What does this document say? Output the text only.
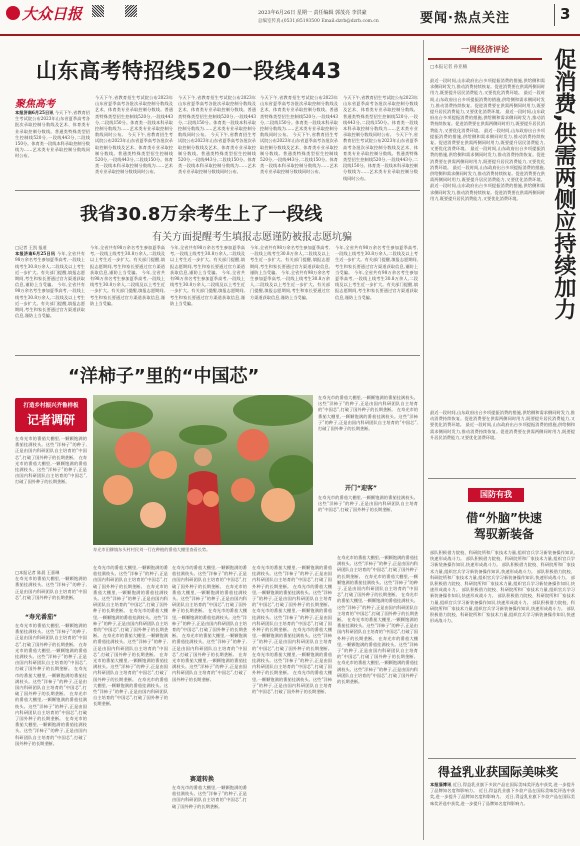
大众日报	2023年6月26日 星期一 责任编辑 郭茂亮 李洪豪
总编室传真:(0531)85193500 Email:dzrb@dzrb.com.cn	要闻·热点关注	3
山东高考特招线520一段线443
聚焦高考
本报济南6月25日讯 今天下午,省教育招生考试院公布2023年山东省夏季高考各批次录取控制分数线及艺术、体育类专业录取控制分数线。普通类特殊类型招生控制线520分,一段线443分,二段线150分。体育类一段线本科录取控制分数线为……艺术类专业录取控制分数线同时公布。
今天下午,省教育招生考试院公布2023年山东省夏季高考各批次录取控制分数线及艺术、体育类专业录取控制分数线。普通类特殊类型招生控制线520分,一段线443分,二段线150分。体育类一段线本科录取控制分数线为……艺术类专业录取控制分数线同时公布。 今天下午,省教育招生考试院公布2023年山东省夏季高考各批次录取控制分数线及艺术、体育类专业录取控制分数线。普通类特殊类型招生控制线520分,一段线443分,二段线150分。体育类一段线本科录取控制分数线为……艺术类专业录取控制分数线同时公布。
今天下午,省教育招生考试院公布2023年山东省夏季高考各批次录取控制分数线及艺术、体育类专业录取控制分数线。普通类特殊类型招生控制线520分,一段线443分,二段线150分。体育类一段线本科录取控制分数线为……艺术类专业录取控制分数线同时公布。 今天下午,省教育招生考试院公布2023年山东省夏季高考各批次录取控制分数线及艺术、体育类专业录取控制分数线。普通类特殊类型招生控制线520分,一段线443分,二段线150分。体育类一段线本科录取控制分数线为……艺术类专业录取控制分数线同时公布。
今天下午,省教育招生考试院公布2023年山东省夏季高考各批次录取控制分数线及艺术、体育类专业录取控制分数线。普通类特殊类型招生控制线520分,一段线443分,二段线150分。体育类一段线本科录取控制分数线为……艺术类专业录取控制分数线同时公布。 今天下午,省教育招生考试院公布2023年山东省夏季高考各批次录取控制分数线及艺术、体育类专业录取控制分数线。普通类特殊类型招生控制线520分,一段线443分,二段线150分。体育类一段线本科录取控制分数线为……艺术类专业录取控制分数线同时公布。
今天下午,省教育招生考试院公布2023年山东省夏季高考各批次录取控制分数线及艺术、体育类专业录取控制分数线。普通类特殊类型招生控制线520分,一段线443分,二段线150分。体育类一段线本科录取控制分数线为……艺术类专业录取控制分数线同时公布。 今天下午,省教育招生考试院公布2023年山东省夏季高考各批次录取控制分数线及艺术、体育类专业录取控制分数线。普通类特殊类型招生控制线520分,一段线443分,二段线150分。体育类一段线本科录取控制分数线为……艺术类专业录取控制分数线同时公布。
我省30.8万余考生上了一段线
有关方面提醒考生填报志愿谨防被报志愿坑骗
□记者 王凯 报道
本报济南6月25日讯 今年,全省共有98万余名考生参加夏季高考,一段线上线考生30.8万余人,二段线及以上考生近一步扩大。有关部门提醒,填报志愿期间,考生和家长要通过官方渠道获取信息,谨防上当受骗。 今年,全省共有98万余名考生参加夏季高考,一段线上线考生30.8万余人,二段线及以上考生近一步扩大。有关部门提醒,填报志愿期间,考生和家长要通过官方渠道获取信息,谨防上当受骗。
今年,全省共有98万余名考生参加夏季高考,一段线上线考生30.8万余人,二段线及以上考生近一步扩大。有关部门提醒,填报志愿期间,考生和家长要通过官方渠道获取信息,谨防上当受骗。 今年,全省共有98万余名考生参加夏季高考,一段线上线考生30.8万余人,二段线及以上考生近一步扩大。有关部门提醒,填报志愿期间,考生和家长要通过官方渠道获取信息,谨防上当受骗。
今年,全省共有98万余名考生参加夏季高考,一段线上线考生30.8万余人,二段线及以上考生近一步扩大。有关部门提醒,填报志愿期间,考生和家长要通过官方渠道获取信息,谨防上当受骗。 今年,全省共有98万余名考生参加夏季高考,一段线上线考生30.8万余人,二段线及以上考生近一步扩大。有关部门提醒,填报志愿期间,考生和家长要通过官方渠道获取信息,谨防上当受骗。
今年,全省共有98万余名考生参加夏季高考,一段线上线考生30.8万余人,二段线及以上考生近一步扩大。有关部门提醒,填报志愿期间,考生和家长要通过官方渠道获取信息,谨防上当受骗。 今年,全省共有98万余名考生参加夏季高考,一段线上线考生30.8万余人,二段线及以上考生近一步扩大。有关部门提醒,填报志愿期间,考生和家长要通过官方渠道获取信息,谨防上当受骗。
今年,全省共有98万余名考生参加夏季高考,一段线上线考生30.8万余人,二段线及以上考生近一步扩大。有关部门提醒,填报志愿期间,考生和家长要通过官方渠道获取信息,谨防上当受骗。 今年,全省共有98万余名考生参加夏季高考,一段线上线考生30.8万余人,二段线及以上考生近一步扩大。有关部门提醒,填报志愿期间,考生和家长要通过官方渠道获取信息,谨防上当受骗。
“洋柿子”里的“中国芯”
打造乡村振兴齐鲁样板
记者调研
在寿光市的番茄大棚里,一颗颗饱满的番茄挂满枝头。这些“洋柿子”的种子,正是由国内科研团队自主培育的“中国芯”,打破了国外种子的长期垄断。 在寿光市的番茄大棚里,一颗颗饱满的番茄挂满枝头。这些“洋柿子”的种子,正是由国内科研团队自主培育的“中国芯”,打破了国外种子的长期垄断。
寿光市田柳镇东头村村民刘一行在种植的番茄大棚里查看长势。
在寿光市的番茄大棚里,一颗颗饱满的番茄挂满枝头。这些“洋柿子”的种子,正是由国内科研团队自主培育的“中国芯”,打破了国外种子的长期垄断。 在寿光市的番茄大棚里,一颗颗饱满的番茄挂满枝头。这些“洋柿子”的种子,正是由国内科研团队自主培育的“中国芯”,打破了国外种子的长期垄断。
开门“迎客”
在寿光市的番茄大棚里,一颗颗饱满的番茄挂满枝头。这些“洋柿子”的种子,正是由国内科研团队自主培育的“中国芯”,打破了国外种子的长期垄断。
□本报记者 陈晨 王嘉琳
在寿光市的番茄大棚里,一颗颗饱满的番茄挂满枝头。这些“洋柿子”的种子,正是由国内科研团队自主培育的“中国芯”,打破了国外种子的长期垄断。
“寿光番茄”
在寿光市的番茄大棚里,一颗颗饱满的番茄挂满枝头。这些“洋柿子”的种子,正是由国内科研团队自主培育的“中国芯”,打破了国外种子的长期垄断。 在寿光市的番茄大棚里,一颗颗饱满的番茄挂满枝头。这些“洋柿子”的种子,正是由国内科研团队自主培育的“中国芯”,打破了国外种子的长期垄断。 在寿光市的番茄大棚里,一颗颗饱满的番茄挂满枝头。这些“洋柿子”的种子,正是由国内科研团队自主培育的“中国芯”,打破了国外种子的长期垄断。 在寿光市的番茄大棚里,一颗颗饱满的番茄挂满枝头。这些“洋柿子”的种子,正是由国内科研团队自主培育的“中国芯”,打破了国外种子的长期垄断。 在寿光市的番茄大棚里,一颗颗饱满的番茄挂满枝头。这些“洋柿子”的种子,正是由国内科研团队自主培育的“中国芯”,打破了国外种子的长期垄断。
在寿光市的番茄大棚里,一颗颗饱满的番茄挂满枝头。这些“洋柿子”的种子,正是由国内科研团队自主培育的“中国芯”,打破了国外种子的长期垄断。 在寿光市的番茄大棚里,一颗颗饱满的番茄挂满枝头。这些“洋柿子”的种子,正是由国内科研团队自主培育的“中国芯”,打破了国外种子的长期垄断。 在寿光市的番茄大棚里,一颗颗饱满的番茄挂满枝头。这些“洋柿子”的种子,正是由国内科研团队自主培育的“中国芯”,打破了国外种子的长期垄断。 在寿光市的番茄大棚里,一颗颗饱满的番茄挂满枝头。这些“洋柿子”的种子,正是由国内科研团队自主培育的“中国芯”,打破了国外种子的长期垄断。 在寿光市的番茄大棚里,一颗颗饱满的番茄挂满枝头。这些“洋柿子”的种子,正是由国内科研团队自主培育的“中国芯”,打破了国外种子的长期垄断。 在寿光市的番茄大棚里,一颗颗饱满的番茄挂满枝头。这些“洋柿子”的种子,正是由国内科研团队自主培育的“中国芯”,打破了国外种子的长期垄断。
在寿光市的番茄大棚里,一颗颗饱满的番茄挂满枝头。这些“洋柿子”的种子,正是由国内科研团队自主培育的“中国芯”,打破了国外种子的长期垄断。 在寿光市的番茄大棚里,一颗颗饱满的番茄挂满枝头。这些“洋柿子”的种子,正是由国内科研团队自主培育的“中国芯”,打破了国外种子的长期垄断。 在寿光市的番茄大棚里,一颗颗饱满的番茄挂满枝头。这些“洋柿子”的种子,正是由国内科研团队自主培育的“中国芯”,打破了国外种子的长期垄断。 在寿光市的番茄大棚里,一颗颗饱满的番茄挂满枝头。这些“洋柿子”的种子,正是由国内科研团队自主培育的“中国芯”,打破了国外种子的长期垄断。 在寿光市的番茄大棚里,一颗颗饱满的番茄挂满枝头。这些“洋柿子”的种子,正是由国内科研团队自主培育的“中国芯”,打破了国外种子的长期垄断。
赛道转换
在寿光市的番茄大棚里,一颗颗饱满的番茄挂满枝头。这些“洋柿子”的种子,正是由国内科研团队自主培育的“中国芯”,打破了国外种子的长期垄断。
在寿光市的番茄大棚里,一颗颗饱满的番茄挂满枝头。这些“洋柿子”的种子,正是由国内科研团队自主培育的“中国芯”,打破了国外种子的长期垄断。 在寿光市的番茄大棚里,一颗颗饱满的番茄挂满枝头。这些“洋柿子”的种子,正是由国内科研团队自主培育的“中国芯”,打破了国外种子的长期垄断。 在寿光市的番茄大棚里,一颗颗饱满的番茄挂满枝头。这些“洋柿子”的种子,正是由国内科研团队自主培育的“中国芯”,打破了国外种子的长期垄断。 在寿光市的番茄大棚里,一颗颗饱满的番茄挂满枝头。这些“洋柿子”的种子,正是由国内科研团队自主培育的“中国芯”,打破了国外种子的长期垄断。 在寿光市的番茄大棚里,一颗颗饱满的番茄挂满枝头。这些“洋柿子”的种子,正是由国内科研团队自主培育的“中国芯”,打破了国外种子的长期垄断。 在寿光市的番茄大棚里,一颗颗饱满的番茄挂满枝头。这些“洋柿子”的种子,正是由国内科研团队自主培育的“中国芯”,打破了国外种子的长期垄断。
在寿光市的番茄大棚里,一颗颗饱满的番茄挂满枝头。这些“洋柿子”的种子,正是由国内科研团队自主培育的“中国芯”,打破了国外种子的长期垄断。 在寿光市的番茄大棚里,一颗颗饱满的番茄挂满枝头。这些“洋柿子”的种子,正是由国内科研团队自主培育的“中国芯”,打破了国外种子的长期垄断。 在寿光市的番茄大棚里,一颗颗饱满的番茄挂满枝头。这些“洋柿子”的种子,正是由国内科研团队自主培育的“中国芯”,打破了国外种子的长期垄断。 在寿光市的番茄大棚里,一颗颗饱满的番茄挂满枝头。这些“洋柿子”的种子,正是由国内科研团队自主培育的“中国芯”,打破了国外种子的长期垄断。 在寿光市的番茄大棚里,一颗颗饱满的番茄挂满枝头。这些“洋柿子”的种子,正是由国内科研团队自主培育的“中国芯”,打破了国外种子的长期垄断。 在寿光市的番茄大棚里,一颗颗饱满的番茄挂满枝头。这些“洋柿子”的种子,正是由国内科研团队自主培育的“中国芯”,打破了国外种子的长期垄断。
一周经济评论
□本报记者 孙亚楠	促消费,供需两侧应持续加力
最近一段时间,山东政府出台多项提振消费的措施,供给侧和需求侧同时发力,推动消费持续恢复。促进消费要在供需两侧同时用力,既要提升居民消费能力,又要优化消费环境。 最近一段时间,山东政府出台多项提振消费的措施,供给侧和需求侧同时发力,推动消费持续恢复。促进消费要在供需两侧同时用力,既要提升居民消费能力,又要优化消费环境。 最近一段时间,山东政府出台多项提振消费的措施,供给侧和需求侧同时发力,推动消费持续恢复。促进消费要在供需两侧同时用力,既要提升居民消费能力,又要优化消费环境。 最近一段时间,山东政府出台多项提振消费的措施,供给侧和需求侧同时发力,推动消费持续恢复。促进消费要在供需两侧同时用力,既要提升居民消费能力,又要优化消费环境。 最近一段时间,山东政府出台多项提振消费的措施,供给侧和需求侧同时发力,推动消费持续恢复。促进消费要在供需两侧同时用力,既要提升居民消费能力,又要优化消费环境。 最近一段时间,山东政府出台多项提振消费的措施,供给侧和需求侧同时发力,推动消费持续恢复。促进消费要在供需两侧同时用力,既要提升居民消费能力,又要优化消费环境。 最近一段时间,山东政府出台多项提振消费的措施,供给侧和需求侧同时发力,推动消费持续恢复。促进消费要在供需两侧同时用力,既要提升居民消费能力,又要优化消费环境。
最近一段时间,山东政府出台多项提振消费的措施,供给侧和需求侧同时发力,推动消费持续恢复。促进消费要在供需两侧同时用力,既要提升居民消费能力,又要优化消费环境。 最近一段时间,山东政府出台多项提振消费的措施,供给侧和需求侧同时发力,推动消费持续恢复。促进消费要在供需两侧同时用力,既要提升居民消费能力,又要优化消费环境。
国防有我
借“外脑”快速
驾驭新装备
部队积极借力院校、科研院所和厂家技术力量,组织官兵学习新装备操作知识,快速形成战斗力。 部队积极借力院校、科研院所和厂家技术力量,组织官兵学习新装备操作知识,快速形成战斗力。 部队积极借力院校、科研院所和厂家技术力量,组织官兵学习新装备操作知识,快速形成战斗力。 部队积极借力院校、科研院所和厂家技术力量,组织官兵学习新装备操作知识,快速形成战斗力。 部队积极借力院校、科研院所和厂家技术力量,组织官兵学习新装备操作知识,快速形成战斗力。 部队积极借力院校、科研院所和厂家技术力量,组织官兵学习新装备操作知识,快速形成战斗力。 部队积极借力院校、科研院所和厂家技术力量,组织官兵学习新装备操作知识,快速形成战斗力。 部队积极借力院校、科研院所和厂家技术力量,组织官兵学习新装备操作知识,快速形成战斗力。 部队积极借力院校、科研院所和厂家技术力量,组织官兵学习新装备操作知识,快速形成战斗力。
得益乳业获国际美味奖
本报淄博讯 近日,得益乳业旗下多款产品在国际美味奖评选中获奖,进一步提升了品牌知名度和影响力。 近日,得益乳业旗下多款产品在国际美味奖评选中获奖,进一步提升了品牌知名度和影响力。 近日,得益乳业旗下多款产品在国际美味奖评选中获奖,进一步提升了品牌知名度和影响力。
